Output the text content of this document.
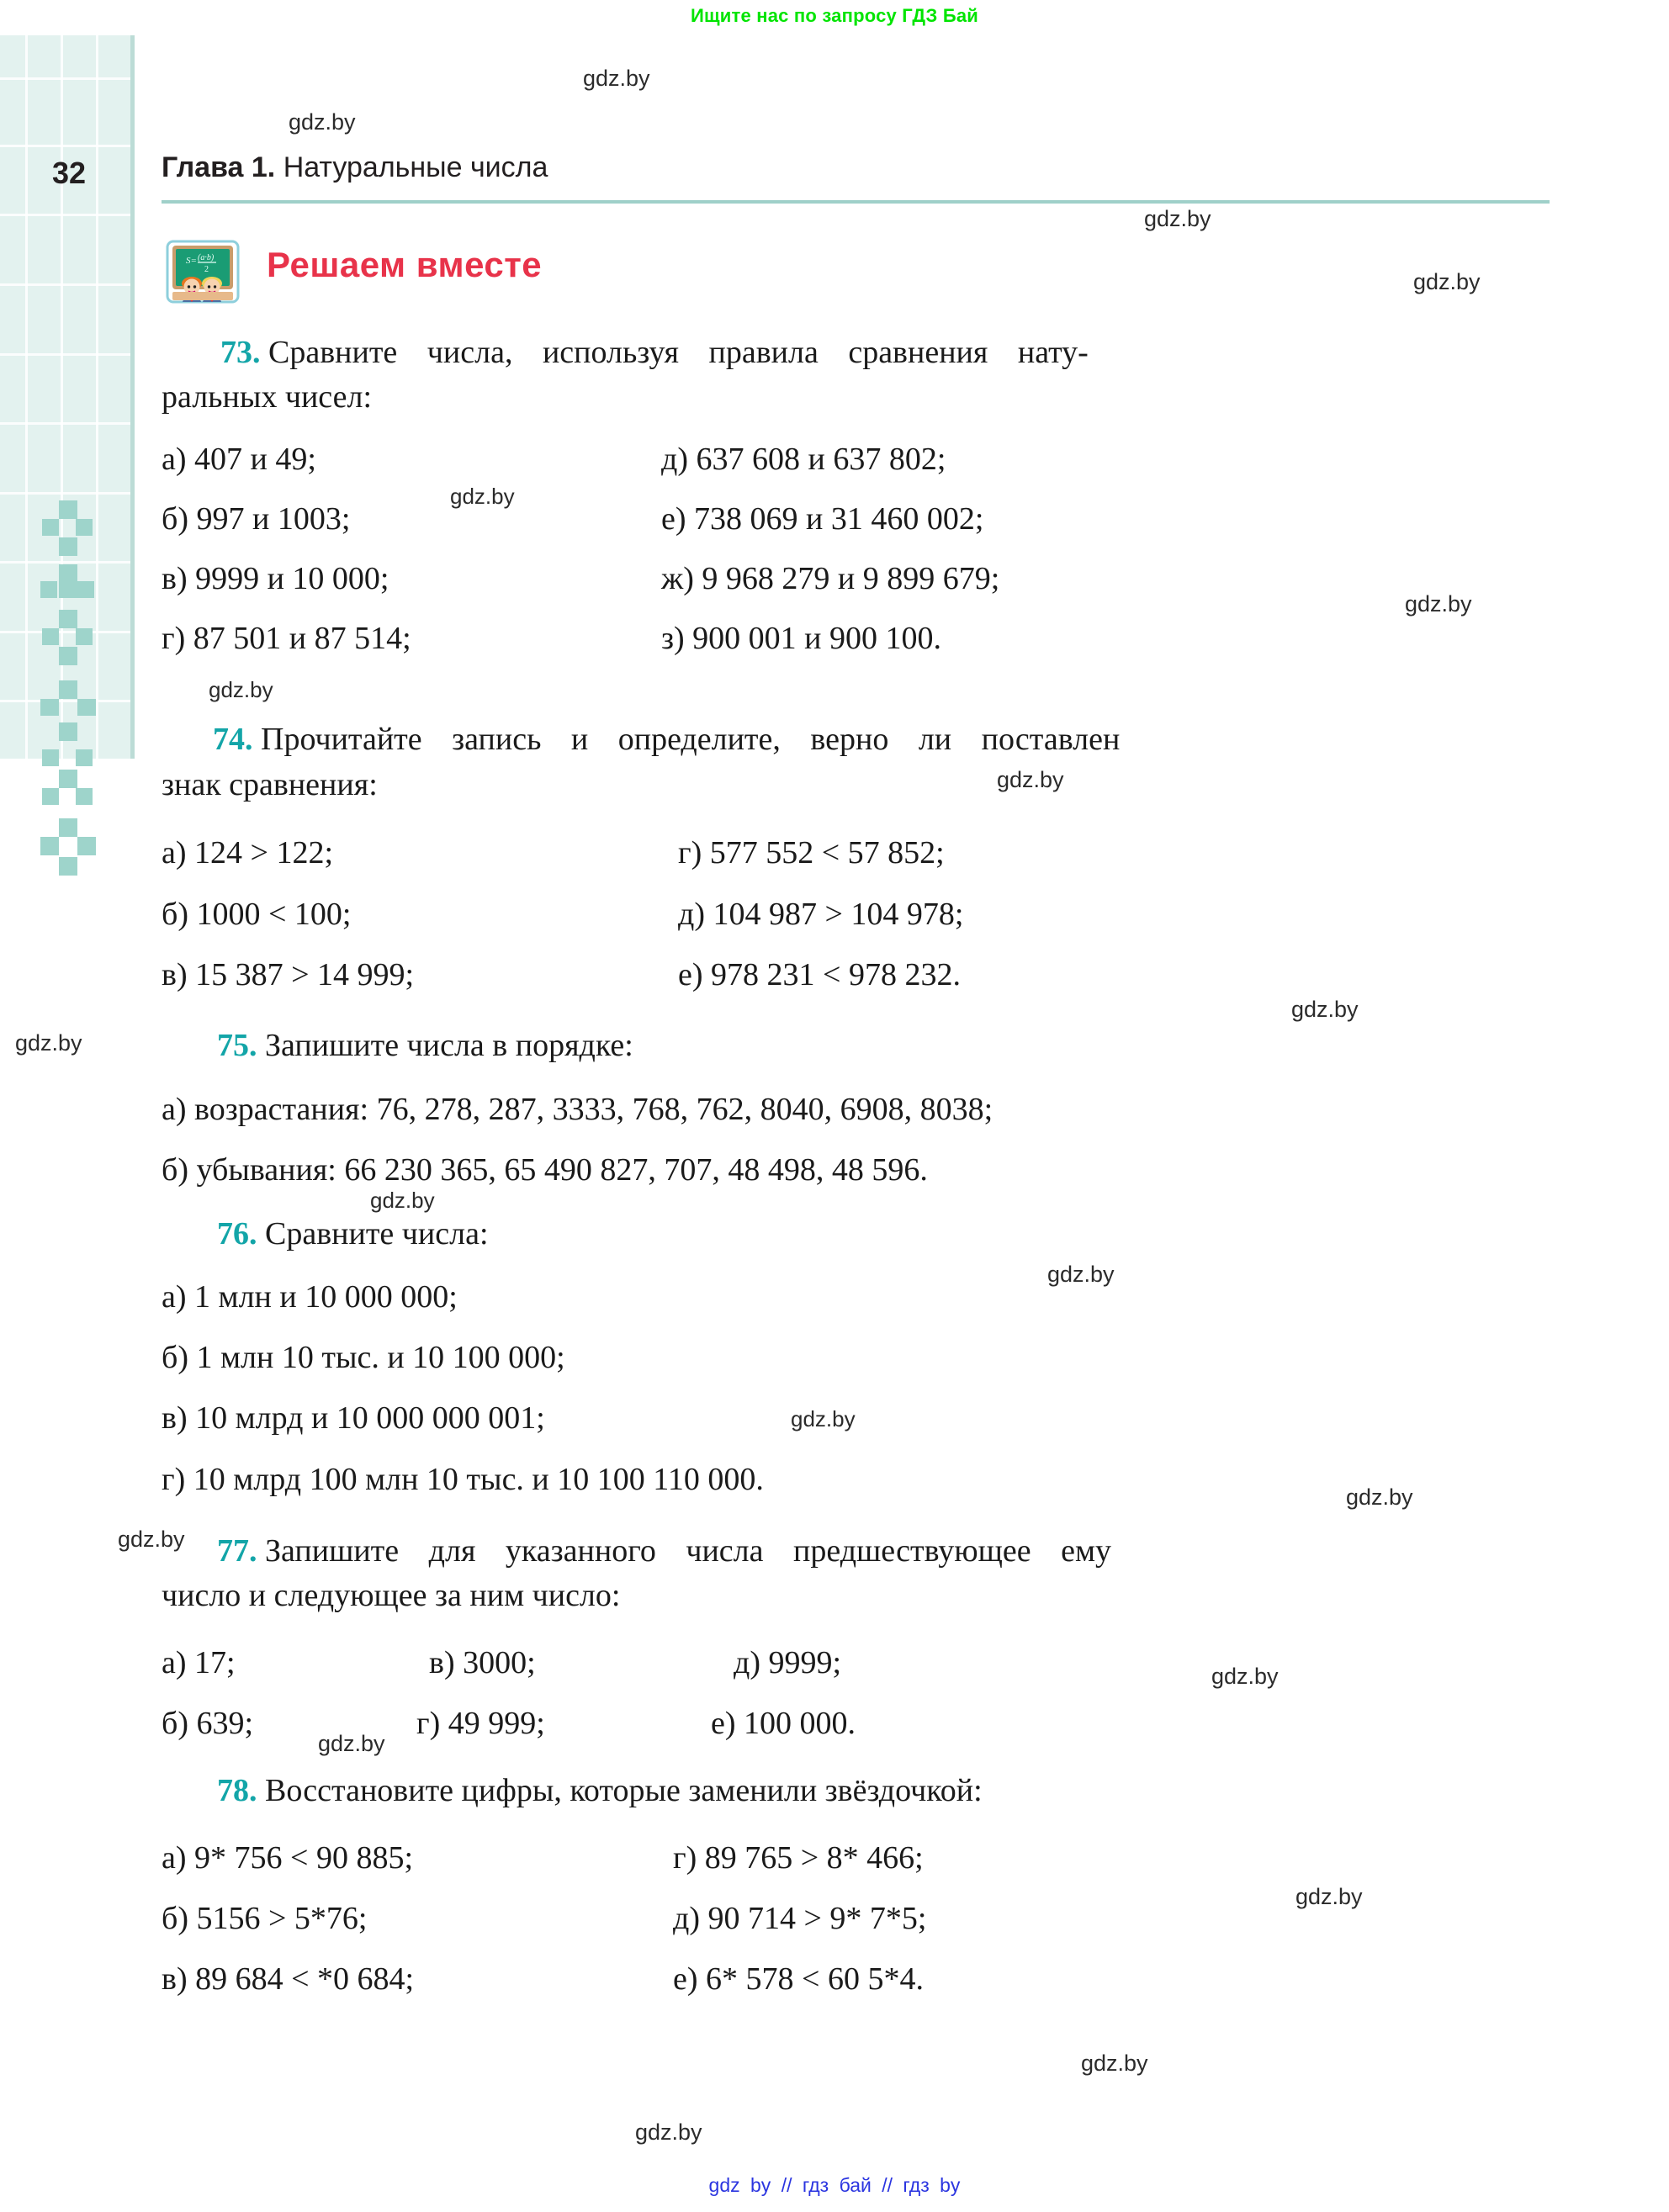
Ищите нас по запросу ГДЗ Бай
32	Глава 1. Натуральные числа
S= (a·b)
2 Решаем вместе
73. Сравните числа, используя правила сравнения нату-
ральных чисел:
а) 407 и 49;
б) 997 и 1003;
в) 9999 и 10 000;
г) 87 501 и 87 514;
д) 637 608 и 637 802;
е) 738 069 и 31 460 002;
ж) 9 968 279 и 9 899 679;
з) 900 001 и 900 100.
74. Прочитайте запись и определите, верно ли поставлен
знак сравнения:
а) 124 > 122;
б) 1000 < 100;
в) 15 387 > 14 999;
г) 577 552 < 57 852;
д) 104 987 > 104 978;
е) 978 231 < 978 232.
75. Запишите числа в порядке:
а) возрастания: 76, 278, 287, 3333, 768, 762, 8040, 6908, 8038;
б) убывания: 66 230 365, 65 490 827, 707, 48 498, 48 596.
76. Сравните числа:
а) 1 млн и 10 000 000;
б) 1 млн 10 тыс. и 10 100 000;
в) 10 млрд и 10 000 000 001;
г) 10 млрд 100 млн 10 тыс. и 10 100 110 000.
77. Запишите для указанного числа предшествующее ему
число и следующее за ним число:
а) 17;
б) 639;
в) 3000;
г) 49 999;
д) 9999;
е) 100 000.
78. Восстановите цифры, которые заменили звёздочкой:
а) 9* 756 < 90 885;
б) 5156 > 5*76;
в) 89 684 < *0 684;
г) 89 765 > 8* 466;
д) 90 714 > 9* 7*5;
е) 6* 578 < 60 5*4.
gdz.by
gdz.by
gdz.by
gdz.by
gdz.by
gdz.by
gdz.by
gdz.by
gdz.by
gdz.by
gdz.by
gdz.by
gdz.by
gdz.by
gdz.by
gdz.by
gdz.by
gdz.by
gdz.by
gdz.by
gdz by // гдз бай // гдз by
